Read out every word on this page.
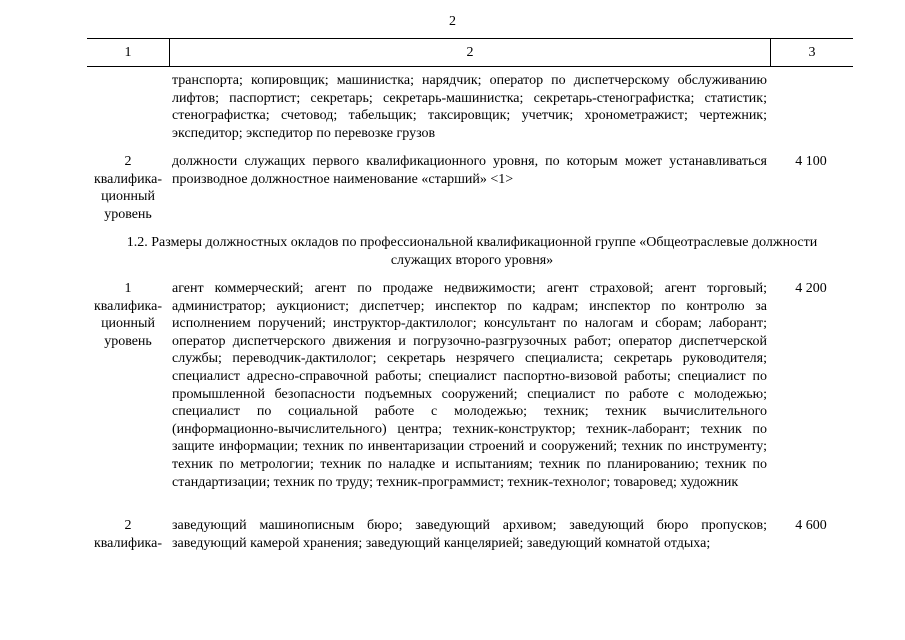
2
1	2	3
транспорта; копировщик; машинистка; нарядчик; оператор по диспетчерскому обслуживанию лифтов; паспортист; секретарь; секретарь-машинистка; секретарь-стенографистка; статистик; стенографистка; счетовод; табельщик; таксировщик; учетчик; хронометражист; чертежник; экспедитор; экспедитор по перевозке грузов
2
квалифика-
ционный
уровень
должности служащих первого квалификационного уровня, по которым может устанавливаться производное должностное наименование «старший» <1>
4 100
1.2. Размеры должностных окладов по профессиональной квалификационной группе «Общеотраслевые должности служащих второго уровня»
1
квалифика-
ционный
уровень
агент коммерческий; агент по продаже недвижимости; агент страховой; агент торговый; администратор; аукционист; диспетчер; инспектор по кадрам; инспектор по контролю за исполнением поручений; инструктор-дактилолог; консультант по налогам и сборам; лаборант; оператор диспетчерского движения и погрузочно-разгрузочных работ; оператор диспетчерской службы; переводчик-дактилолог; секретарь незрячего специалиста; секретарь руководителя; специалист адресно-справочной работы; специалист паспортно-визовой работы; специалист по промышленной безопасности подъемных сооружений; специалист по работе с молодежью; специалист по социальной работе с молодежью; техник; техник вычислительного (информационно-вычислительного) центра; техник-конструктор; техник-лаборант; техник по защите информации; техник по инвентаризации строений и сооружений; техник по инструменту; техник по метрологии; техник по наладке и испытаниям; техник по планированию; техник по стандартизации; техник по труду; техник-программист; техник-технолог; товаровед; художник
4 200
2
квалифика-
заведующий машинописным бюро; заведующий архивом; заведующий бюро пропусков; заведующий камерой хранения; заведующий канцелярией; заведующий комнатой отдыха;
4 600
